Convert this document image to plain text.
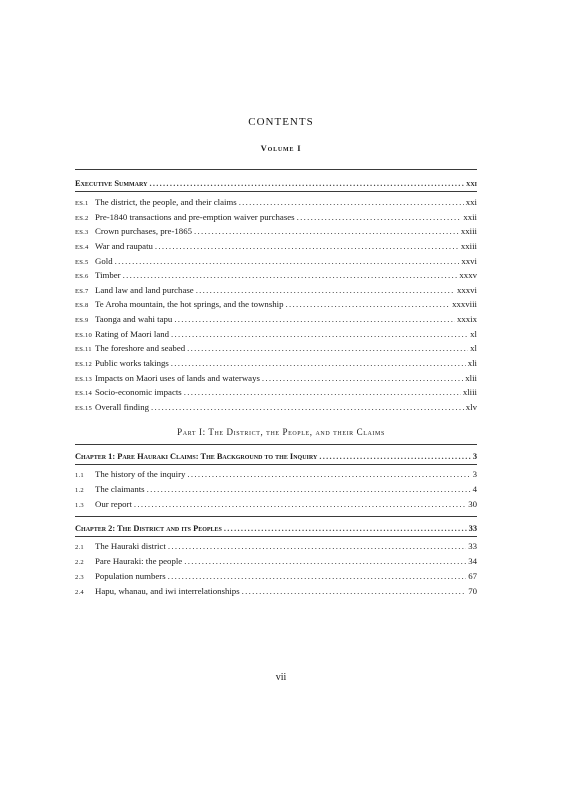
CONTENTS
Volume I
Executive Summary .....	xxi
ES.1 The district, the people, and their claims .....	xxi
ES.2 Pre-1840 transactions and pre-emption waiver purchases .....	xxii
ES.3 Crown purchases, pre-1865 .....	xxiii
ES.4 War and raupatu .....	xxiii
ES.5 Gold .....	xxvi
ES.6 Timber .....	xxxv
ES.7 Land law and land purchase .....	xxxvi
ES.8 Te Aroha mountain, the hot springs, and the township .....	xxxviii
ES.9 Taonga and wahi tapu .....	xxxix
ES.10 Rating of Maori land .....	xl
ES.11 The foreshore and seabed .....	xl
ES.12 Public works takings .....	xli
ES.13 Impacts on Maori uses of lands and waterways .....	xlii
ES.14 Socio-economic impacts .....	xliii
ES.15 Overall finding .....	xlv
Part I: The District, the People, and their Claims
Chapter 1: Pare Hauraki Claims: The Background to the Inquiry .....	3
1.1	The history of the inquiry .....	3
1.2	The claimants .....	4
1.3	Our report .....	30
Chapter 2: The District and its Peoples .....	33
2.1	The Hauraki district .....	33
2.2	Pare Hauraki: the people .....	34
2.3	Population numbers .....	67
2.4	Hapu, whanau, and iwi interrelationships .....	70
vii
